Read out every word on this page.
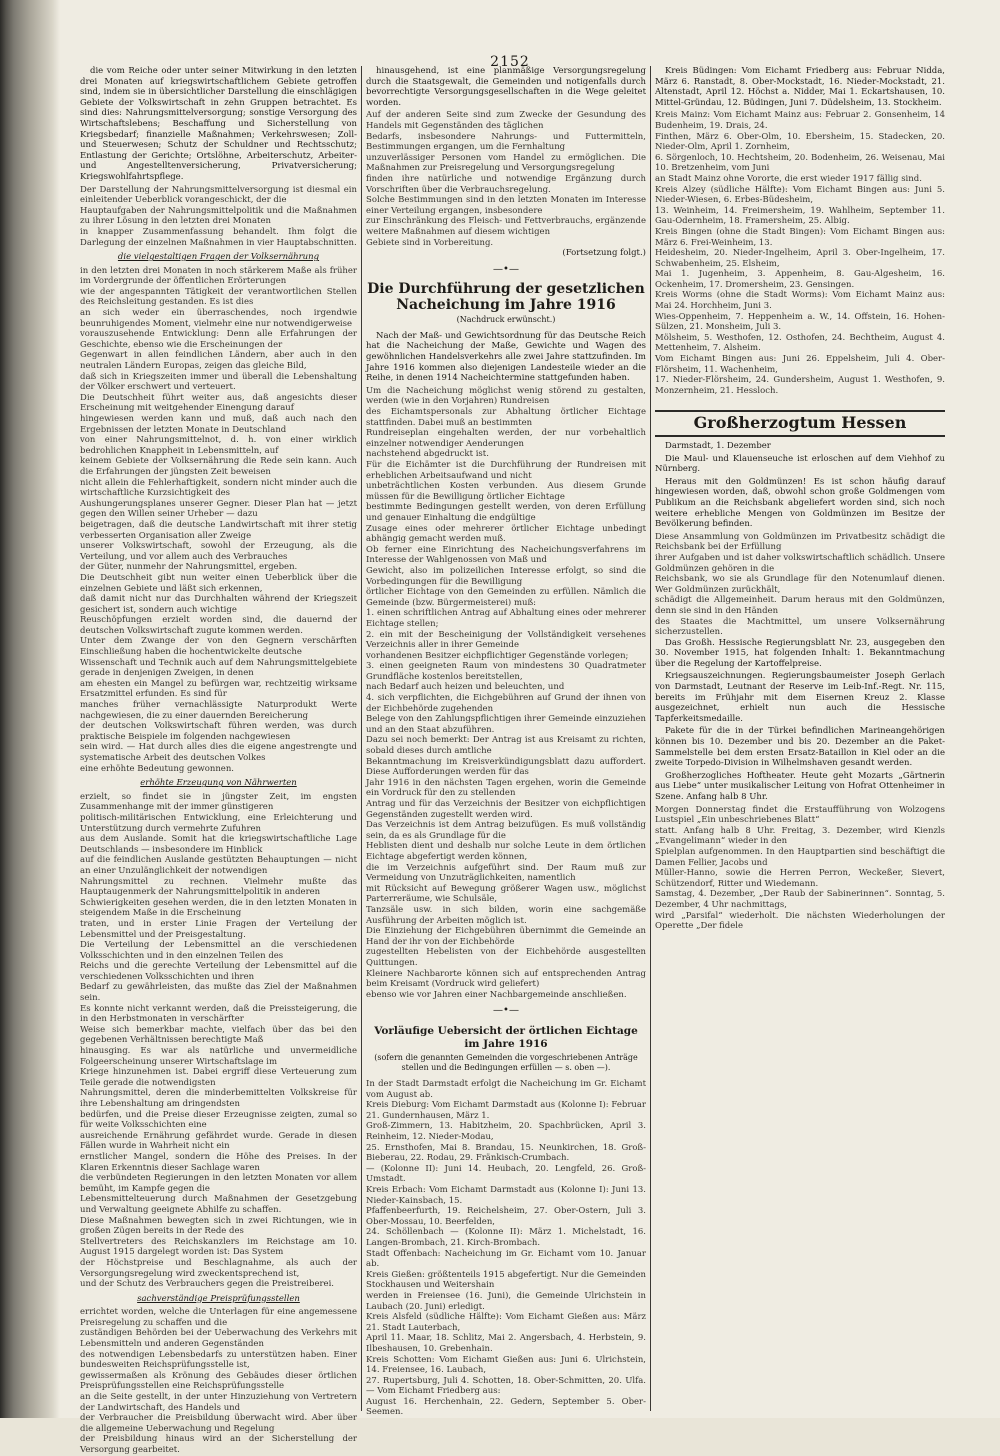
2152

die vom Reiche oder unter seiner Mitwirkung in den letzten drei Monaten auf kriegswirtschaftlichem Gebiete getroffen sind, indem sie in übersichtlicher Darstellung die einschlägigen Gebiete der Volkswirtschaft in zehn Gruppen betrachtet. Es sind dies: Nahrungsmittelversorgung; sonstige Versorgung des Wirtschaftslebens; Beschaffung und Sicherstellung von Kriegsbedarf; finanzielle Maßnahmen; Verkehrswesen; Zoll- und Steuerwesen; Schutz der Schuldner und Rechtsschutz; Entlastung der Gerichte; Ortslöhne, Arbeiterschutz, Arbeiter- und Angestelltenversicherung, Privatversicherung; Kriegswohlfahrtspflege.

Der Darstellung der Nahrungsmittelversorgung ist diesmal ein einleitender Ueberblick vorangeschickt, der die
Hauptaufgaben der Nahrungsmittelpolitik und die Maßnahmen zu ihrer Lösung in den letzten drei Monaten
in knapper Zusammenfassung behandelt. Ihm folgt die Darlegung der einzelnen Maßnahmen in vier Hauptabschnitten.
die vielgestaltigen Fragen der Volksernährung
in den letzten drei Monaten in noch stärkerem Maße als früher im Vordergrunde der öffentlichen Erörterungen
wie der angespannten Tätigkeit der verantwortlichen Stellen des Reichsleitung gestanden. Es ist dies
an sich weder ein überraschendes, noch irgendwie beunruhigendes Moment, vielmehr eine nur notwendigerweise
vorauszusehende Entwicklung: Denn alle Erfahrungen der Geschichte, ebenso wie die Erscheinungen der
Gegenwart in allen feindlichen Ländern, aber auch in den neutralen Ländern Europas, zeigen das gleiche Bild,
daß sich in Kriegszeiten immer und überall die Lebenshaltung der Völker erschwert und verteuert.
Die Deutschheit führt weiter aus, daß angesichts dieser Erscheinung mit weitgehender Einengung darauf
hingewiesen werden kann und muß, daß auch nach den Ergebnissen der letzten Monate in Deutschland
von einer Nahrungsmittelnot, d. h. von einer wirklich bedrohlichen Knappheit in Lebensmitteln, auf
keinem Gebiete der Volksernährung die Rede sein kann. Auch die Erfahrungen der jüngsten Zeit beweisen
nicht allein die Fehlerhaftigkeit, sondern nicht minder auch die wirtschaftliche Kurzsichtigkeit des
Aushungerungsplanes unserer Gegner. Dieser Plan hat — jetzt gegen den Willen seiner Urheber — dazu
beigetragen, daß die deutsche Landwirtschaft mit ihrer stetig verbesserten Organisation aller Zweige
unserer Volkswirtschaft, sowohl der Erzeugung, als die Verteilung, und vor allem auch des Verbrauches
der Güter, nunmehr der Nahrungsmittel, ergeben.
Die Deutschheit gibt nun weiter einen Ueberblick über die einzelnen Gebiete und läßt sich erkennen,
daß damit nicht nur das Durchhalten während der Kriegszeit gesichert ist, sondern auch wichtige
Reuschöpfungen erzielt worden sind, die dauernd der deutschen Volkswirtschaft zugute kommen werden.
Unter dem Zwange der von den Gegnern verschärften Einschließung haben die hochentwickelte deutsche
Wissenschaft und Technik auch auf dem Nahrungsmittelgebiete gerade in denjenigen Zweigen, in denen
am ehesten ein Mangel zu befürgen war, rechtzeitig wirksame Ersatzmittel erfunden. Es sind für
manches früher vernachlässigte Naturprodukt Werte nachgewiesen, die zu einer dauernden Bereicherung
der deutschen Volkswirtschaft führen werden, was durch praktische Beispiele im folgenden nachgewiesen
sein wird. — Hat durch alles dies die eigene angestrengte und systematische Arbeit des deutschen Volkes
eine erhöhte Bedeutung gewonnen.
erhöhte Erzeugung von Nährwerten
erzielt, so findet sie in jüngster Zeit, im engsten Zusammenhange mit der immer günstigeren
politisch-militärischen Entwicklung, eine Erleichterung und Unterstützung durch vermehrte Zufuhren
aus dem Auslande. Somit hat die kriegswirtschaftliche Lage Deutschlands — insbesondere im Hinblick
auf die feindlichen Auslande gestützten Behauptungen — nicht an einer Unzulänglichkeit der notwendigen
Nahrungsmittel zu rechnen. Vielmehr mußte das Hauptaugenmerk der Nahrungsmittelpolitik in anderen
Schwierigkeiten gesehen werden, die in den letzten Monaten in steigendem Maße in die Erscheinung
traten, und in erster Linie Fragen der Verteilung der Lebensmittel und der Preisgestaltung.
Die Verteilung der Lebensmittel an die verschiedenen Volksschichten und in den einzelnen Teilen des
Reichs und die gerechte Verteilung der Lebensmittel auf die verschiedenen Volksschichten und ihren
Bedarf zu gewährleisten, das mußte das Ziel der Maßnahmen sein.
Es konnte nicht verkannt werden, daß die Preissteigerung, die in den Herbstmonaten in verschärfter
Weise sich bemerkbar machte, vielfach über das bei den gegebenen Verhältnissen berechtigte Maß
hinausging. Es war als natürliche und unvermeidliche Folgeerscheinung unserer Wirtschaftslage im
Kriege hinzunehmen ist. Dabei ergriff diese Verteuerung zum Teile gerade die notwendigsten
Nahrungsmittel, deren die minderbemittelten Volkskreise für ihre Lebenshaltung am dringendsten
bedürfen, und die Preise dieser Erzeugnisse zeigten, zumal so für weite Volksschichten eine
ausreichende Ernährung gefährdet wurde. Gerade in diesen Fällen wurde in Wahrheit nicht ein
ernstlicher Mangel, sondern die Höhe des Preises. In der Klaren Erkenntnis dieser Sachlage waren
die verbündeten Regierungen in den letzten Monaten vor allem bemüht, im Kampfe gegen die
Lebensmittelteuerung durch Maßnahmen der Gesetzgebung und Verwaltung geeignete Abhilfe zu schaffen.
Diese Maßnahmen bewegten sich in zwei Richtungen, wie in großen Zügen bereits in der Rede des
Stellvertreters des Reichskanzlers im Reichstage am 10. August 1915 dargelegt worden ist: Das System
der Höchstpreise und Beschlagnahme, als auch der Versorgungsregelung wird zweckentsprechend ist,
und der Schutz des Verbrauchers gegen die Preistreiberei.
sachverständige Preisprüfungsstellen
errichtet worden, welche die Unterlagen für eine angemessene Preisregelung zu schaffen und die
zuständigen Behörden bei der Ueberwachung des Verkehrs mit Lebensmitteln und anderen Gegenständen
des notwendigen Lebensbedarfs zu unterstützen haben. Einer bundesweiten Reichsprüfungsstelle ist,
gewissermaßen als Krönung des Gebäudes dieser örtlichen Preisprüfungsstellen eine Reichsprüfungsstelle
an die Seite gestellt, in der unter Hinzuziehung von Vertretern der Landwirtschaft, des Handels und
der Verbraucher die Preisbildung überwacht wird. Aber über die allgemeine Ueberwachung und Regelung
der Preisbildung hinaus wird an der Sicherstellung der Versorgung gearbeitet.

hinausgehend, ist eine planmäßige Versorgungsregelung durch die Staatsgewalt, die Gemeinden und notigenfalls durch bevorrechtigte Versorgungsgesellschaften in die Wege geleitet worden.

Auf der anderen Seite sind zum Zwecke der Gesundung des Handels mit Gegenständen des täglichen
Bedarfs, insbesondere Nahrungs- und Futtermitteln, Bestimmungen ergangen, um die Fernhaltung
unzuverlässiger Personen vom Handel zu ermöglichen. Die Maßnahmen zur Preisregelung und Versorgungsregelung
finden ihre natürliche und notwendige Ergänzung durch Vorschriften über die Verbrauchsregelung.
Solche Bestimmungen sind in den letzten Monaten im Interesse einer Verteilung ergangen, insbesondere
zur Einschränkung des Fleisch- und Fettverbrauchs, ergänzende weitere Maßnahmen auf diesem wichtigen
Gebiete sind in Vorbereitung.

(Fortsetzung folgt.)

—•—
Die Durchführung der gesetzlichen Nacheichung im Jahre 1916
(Nachdruck erwünscht.)

Nach der Maß- und Gewichtsordnung für das Deutsche Reich hat die Nacheichung der Maße, Gewichte und Wagen des gewöhnlichen Handelsverkehrs alle zwei Jahre stattzufinden. Im Jahre 1916 kommen also diejenigen Landesteile wieder an die Reihe, in denen 1914 Nacheichtermine stattgefunden haben.

Um die Nacheichung möglichst wenig störend zu gestalten, werden (wie in den Vorjahren) Rundreisen
des Eichamtspersonals zur Abhaltung örtlicher Eichtage stattfinden. Dabei muß an bestimmten
Rundreiseplan eingehalten werden, der nur vorbehaltlich einzelner notwendiger Aenderungen
nachstehend abgedruckt ist.
Für die Eichämter ist die Durchführung der Rundreisen mit erheblichen Arbeitsaufwand und nicht
unbeträchtlichen Kosten verbunden. Aus diesem Grunde müssen für die Bewilligung örtlicher Eichtage
bestimmte Bedingungen gestellt werden, von deren Erfüllung und genauer Einhaltung die endgültige
Zusage eines oder mehrerer örtlicher Eichtage unbedingt abhängig gemacht werden muß.
Ob ferner eine Einrichtung des Nacheichungsverfahrens im Interesse der Wahlgenossen von Maß und
Gewicht, also im polizeilichen Interesse erfolgt, so sind die Vorbedingungen für die Bewilligung
örtlicher Eichtage von den Gemeinden zu erfüllen. Nämlich die Gemeinde (bzw. Bürgermeisterei) muß:
1. einen schriftlichen Antrag auf Abhaltung eines oder mehrerer Eichtage stellen;
2. ein mit der Bescheinigung der Vollständigkeit versehenes Verzeichnis aller in ihrer Gemeinde
vorhandenen Besitzer eichpflichtiger Gegenstände vorlegen;
3. einen geeigneten Raum von mindestens 30 Quadratmeter Grundfläche kostenlos bereitstellen,
nach Bedarf auch heizen und beleuchten, und
4. sich verpflichten, die Eichgebühren auf Grund der ihnen von der Eichbehörde zugehenden
Belege von den Zahlungspflichtigen ihrer Gemeinde einzuziehen und an den Staat abzuführen.
Dazu sei noch bemerkt: Der Antrag ist aus Kreisamt zu richten, sobald dieses durch amtliche
Bekanntmachung im Kreisverkündigungsblatt dazu auffordert. Diese Aufforderungen werden für das
Jahr 1916 in den nächsten Tagen ergehen, worin die Gemeinde ein Vordruck für den zu stellenden
Antrag und für das Verzeichnis der Besitzer von eichpflichtigen Gegenständen zugestellt werden wird.
Das Verzeichnis ist dem Antrag beizufügen. Es muß vollständig sein, da es als Grundlage für die
Heblisten dient und deshalb nur solche Leute in dem örtlichen Eichtage abgefertigt werden können,
die im Verzeichnis aufgeführt sind. Der Raum muß zur Vermeidung von Unzuträglichkeiten, namentlich
mit Rücksicht auf Bewegung größerer Wagen usw., möglichst Parterreräume, wie Schulsäle,
Tanzsäle usw. in sich bilden, worin eine sachgemäße Ausführung der Arbeiten möglich ist.
Die Einziehung der Eichgebühren übernimmt die Gemeinde an Hand der ihr von der Eichbehörde
zugestellten Hebelisten von der Eichbehörde ausgestellten Quittungen.
Kleinere Nachbarorte können sich auf entsprechenden Antrag beim Kreisamt (Vordruck wird geliefert)
ebenso wie vor Jahren einer Nachbargemeinde anschließen.
—•—
Vorläufige Uebersicht der örtlichen Eichtage im Jahre 1916
(sofern die genannten Gemeinden die vorgeschriebenen Anträge stellen und die Bedingungen erfüllen — s. oben —).
In der Stadt Darmstadt erfolgt die Nacheichung im Gr. Eichamt vom August ab.
Kreis Dieburg: Vom Eichamt Darmstadt aus (Kolonne I): Februar 21. Gundernhausen, März 1.
Groß-Zimmern, 13. Habitzheim, 20. Spachbrücken, April 3. Reinheim, 12. Nieder-Modau,
25. Ernsthofen, Mai 8. Brandau, 15. Neunkirchen, 18. Groß-Bieberau, 22. Rodau, 29. Fränkisch-Crumbach.
— (Kolonne II): Juni 14. Heubach, 20. Lengfeld, 26. Groß-Umstadt.
Kreis Erbach: Vom Eichamt Darmstadt aus (Kolonne I): Juni 13. Nieder-Kainsbach, 15.
Pfaffenbeerfurth, 19. Reichelsheim, 27. Ober-Ostern, Juli 3. Ober-Mossau, 10. Beerfelden,
24. Schöllenbach — (Kolonne II): März 1. Michelstadt, 16. Langen-Brombach, 21. Kirch-Brombach.
Stadt Offenbach: Nacheichung im Gr. Eichamt vom 10. Januar ab.
Kreis Gießen: größtenteils 1915 abgefertigt. Nur die Gemeinden Stockhausen und Weitershain
werden in Freiensee (16. Juni), die Gemeinde Ulrichstein in Laubach (20. Juni) erledigt.
Kreis Alsfeld (südliche Hälfte): Vom Eichamt Gießen aus: März 21. Stadt Lauterbach,
April 11. Maar, 18. Schlitz, Mai 2. Angersbach, 4. Herbstein, 9. Ilbeshausen, 10. Grebenhain.
Kreis Schotten: Vom Eichamt Gießen aus: Juni 6. Ulrichstein, 14. Freiensee, 16. Laubach,
27. Rupertsburg, Juli 4. Schotten, 18. Ober-Schmitten, 20. Ulfa. — Vom Eichamt Friedberg aus:
August 16. Herchenhain, 22. Gedern, September 5. Ober-Seemen.

Kreis Büdingen: Vom Eichamt Friedberg aus: Februar Nidda, März 6. Ranstadt, 8. Ober-Mockstadt, 16. Nieder-Mockstadt, 21. Altenstadt, April 12. Höchst a. Nidder, Mai 1. Eckartshausen, 10. Mittel-Gründau, 12. Büdingen, Juni 7. Düdelsheim, 13. Stockheim.

Kreis Mainz: Vom Eichamt Mainz aus: Februar 2. Gonsenheim, 14 Budenheim, 19. Drais, 24.
Finthen, März 6. Ober-Olm, 10. Ebersheim, 15. Stadecken, 20. Nieder-Olm, April 1. Zornheim,
6. Sörgenloch, 10. Hechtsheim, 20. Bodenheim, 26. Weisenau, Mai 10. Bretzenheim, vom Juni
an Stadt Mainz ohne Vororte, die erst wieder 1917 fällig sind.
Kreis Alzey (südliche Hälfte): Vom Eichamt Bingen aus: Juni 5. Nieder-Wiesen, 6. Erbes-Büdesheim,
13. Weinheim, 14. Freimersheim, 19. Wahlheim, September 11. Gau-Odernheim, 18. Framersheim, 25. Albig.
Kreis Bingen (ohne die Stadt Bingen): Vom Eichamt Bingen aus: März 6. Frei-Weinheim, 13.
Heidesheim, 20. Nieder-Ingelheim, April 3. Ober-Ingelheim, 17. Schwabenheim, 25. Elsheim,
Mai 1. Jugenheim, 3. Appenheim, 8. Gau-Algesheim, 16. Ockenheim, 17. Dromersheim, 23. Gensingen.
Kreis Worms (ohne die Stadt Worms): Vom Eichamt Mainz aus: Mai 24. Horchheim, Juni 3.
Wies-Oppenheim, 7. Heppenheim a. W., 14. Offstein, 16. Hohen-Sülzen, 21. Monsheim, Juli 3.
Mölsheim, 5. Westhofen, 12. Osthofen, 24. Bechtheim, August 4. Mettenheim, 7. Alsheim.
Vom Eichamt Bingen aus: Juni 26. Eppelsheim, Juli 4. Ober-Flörsheim, 11. Wachenheim,
17. Nieder-Flörsheim, 24. Gundersheim, August 1. Westhofen, 9. Monzernheim, 21. Hessloch.
Großherzogtum Hessen

Darmstadt, 1. Dezember

Die Maul- und Klauenseuche ist erloschen auf dem Viehhof zu Nürnberg.

Heraus mit den Goldmünzen! Es ist schon häufig darauf hingewiesen worden, daß, obwohl schon große Goldmengen vom Publikum an die Reichsbank abgeliefert worden sind, sich noch weitere erhebliche Mengen von Goldmünzen im Besitze der Bevölkerung befinden.

Diese Ansammlung von Goldmünzen im Privatbesitz schädigt die Reichsbank bei der Erfüllung
ihrer Aufgaben und ist daher volkswirtschaftlich schädlich. Unsere Goldmünzen gehören in die
Reichsbank, wo sie als Grundlage für den Notenumlauf dienen. Wer Goldmünzen zurückhält,
schädigt die Allgemeinheit. Darum heraus mit den Goldmünzen, denn sie sind in den Händen
des Staates die Machtmittel, um unsere Volksernährung sicherzustellen.

Das Großh. Hessische Regierungsblatt Nr. 23, ausgegeben den 30. November 1915, hat folgenden Inhalt: 1. Bekanntmachung über die Regelung der Kartoffelpreise.

Kriegsauszeichnungen. Regierungsbaumeister Joseph Gerlach von Darmstadt, Leutnant der Reserve im Leib-Inf.-Regt. Nr. 115, bereits im Frühjahr mit dem Eisernen Kreuz 2. Klasse ausgezeichnet, erhielt nun auch die Hessische Tapferkeitsmedaille.

Pakete für die in der Türkei befindlichen Marineangehörigen können bis 10. Dezember und bis 20. Dezember an die Paket-Sammelstelle bei dem ersten Ersatz-Bataillon in Kiel oder an die zweite Torpedo-Division in Wilhelmshaven gesandt werden.

Großherzogliches Hoftheater. Heute geht Mozarts „Gärtnerin aus Liebe“ unter musikalischer Leitung von Hofrat Ottenheimer in Szene. Anfang halb 8 Uhr.

Morgen Donnerstag findet die Erstaufführung von Wolzogens Lustspiel „Ein unbeschriebenes Blatt“
statt. Anfang halb 8 Uhr. Freitag, 3. Dezember, wird Kienzls „Evangelimann“ wieder in den
Spielplan aufgenommen. In den Hauptpartien sind beschäftigt die Damen Fellier, Jacobs und
Müller-Hanno, sowie die Herren Perron, Weckeßer, Sievert, Schützendorf, Ritter und Wiedemann.
Samstag, 4. Dezember, „Der Raub der Sabinerinnen“. Sonntag, 5. Dezember, 4 Uhr nachmittags,
wird „Parsifal“ wiederholt. Die nächsten Wiederholungen der Operette „Der fidele
